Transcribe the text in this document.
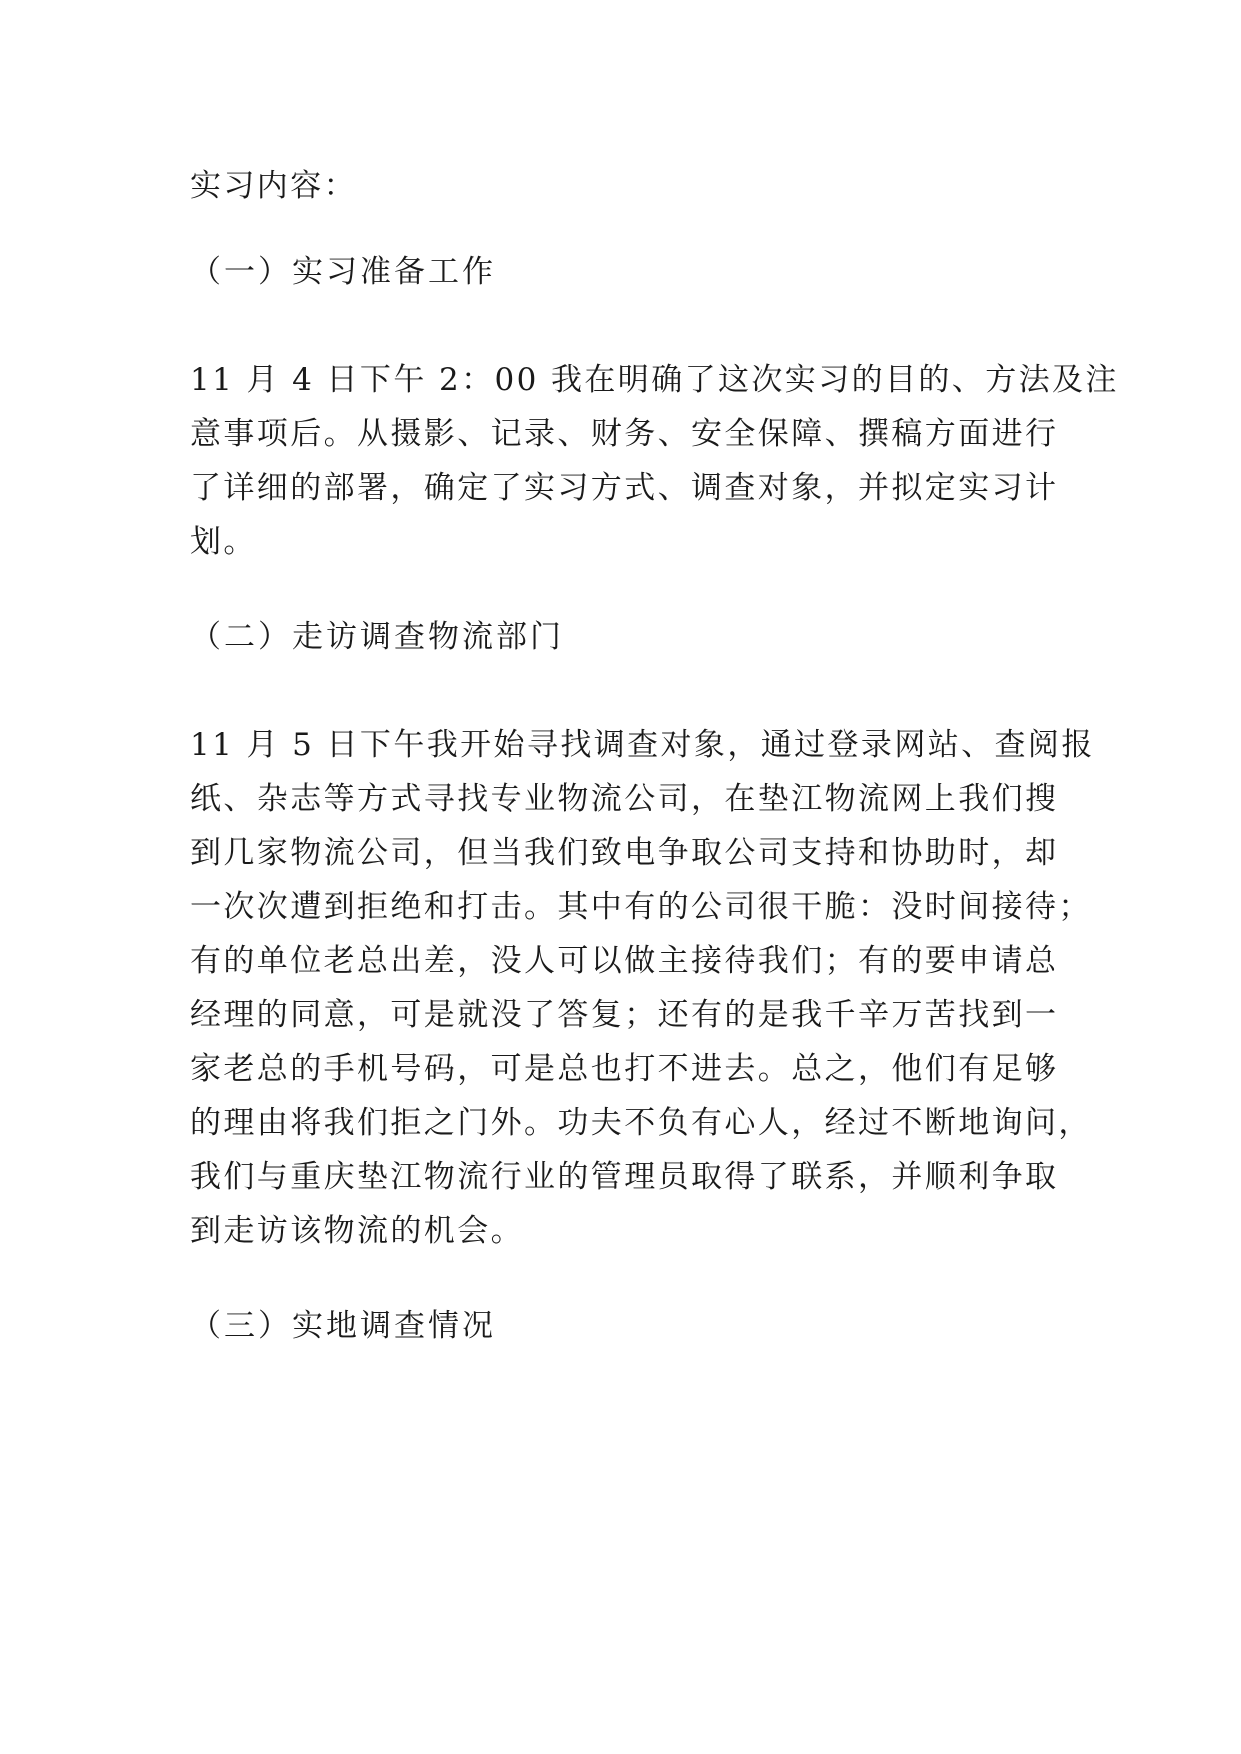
实习内容：
（一）实习准备工作
11 月 4 日下午 2：00 我在明确了这次实习的目的、方法及注
意事项后。从摄影、记录、财务、安全保障、撰稿方面进行
了详细的部署，确定了实习方式、调查对象，并拟定实习计
划。
（二）走访调查物流部门
11 月 5 日下午我开始寻找调查对象，通过登录网站、查阅报
纸、杂志等方式寻找专业物流公司，在垫江物流网上我们搜
到几家物流公司，但当我们致电争取公司支持和协助时，却
一次次遭到拒绝和打击。其中有的公司很干脆：没时间接待；
有的单位老总出差，没人可以做主接待我们；有的要申请总
经理的同意，可是就没了答复；还有的是我千辛万苦找到一
家老总的手机号码，可是总也打不进去。总之，他们有足够
的理由将我们拒之门外。功夫不负有心人，经过不断地询问，
我们与重庆垫江物流行业的管理员取得了联系，并顺利争取
到走访该物流的机会。
（三）实地调查情况
